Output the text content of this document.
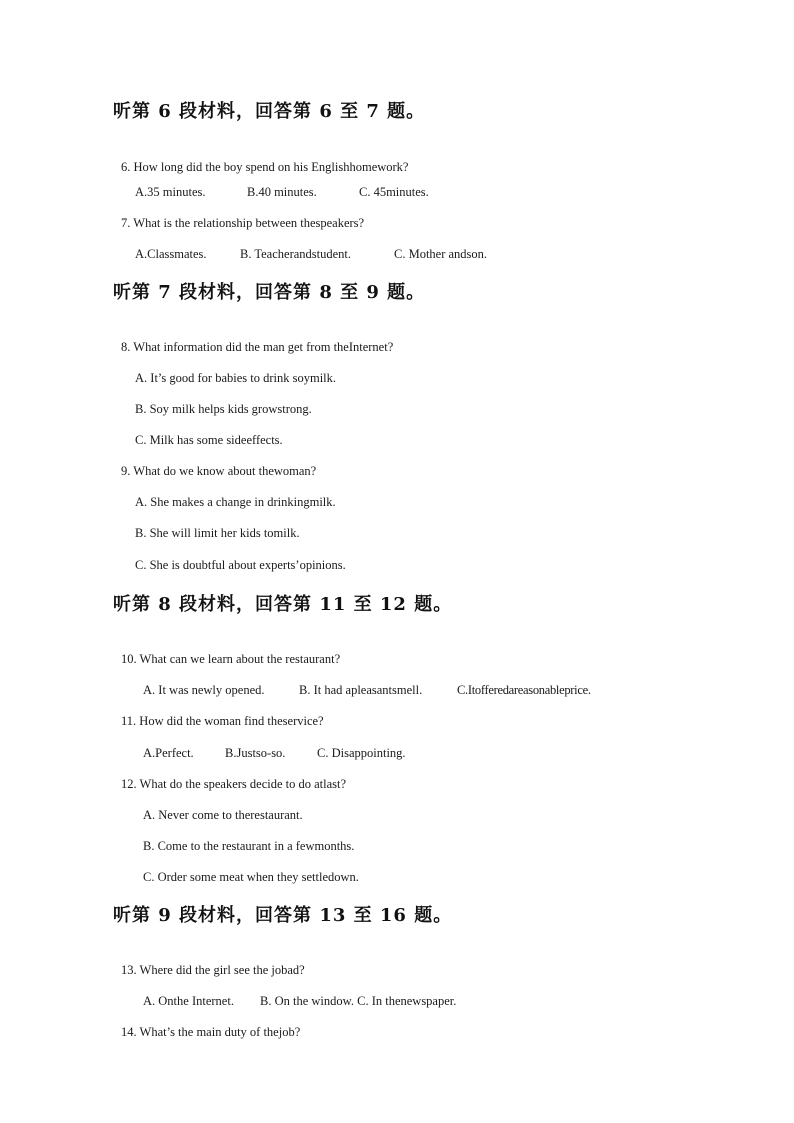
听第 6 段材料，回答第 6 至 7 题。
6. How long did the boy spend on his Englishhomework?
A.35 minutes.	B.40 minutes.	C. 45minutes.
7. What is the relationship between thespeakers?
A.Classmates.	B. Teacherandstudent.	C. Mother andson.
听第 7 段材料，回答第 8 至 9 题。
8. What information did the man get from theInternet?
A. It’s good for babies to drink soymilk.
B. Soy milk helps kids growstrong.
C. Milk has some sideeffects.
9. What do we know about thewoman?
A. She makes a change in drinkingmilk.
B. She will limit her kids tomilk.
C. She is doubtful about experts’opinions.
听第 8 段材料，回答第 11 至 12 题。
10. What can we learn about the restaurant?
A. It was newly opened.	B. It had apleasantsmell.	C.Itofferedareasonableprice.
11. How did the woman find theservice?
A.Perfect.	B.Justso-so.	C. Disappointing.
12. What do the speakers decide to do atlast?
A. Never come to therestaurant.
B. Come to the restaurant in a fewmonths.
C. Order some meat when they settledown.
听第 9 段材料，回答第 13 至 16 题。
13. Where did the girl see the jobad?
A. Onthe Internet. B. On the window. C. In thenewspaper.
14. What’s the main duty of thejob?
